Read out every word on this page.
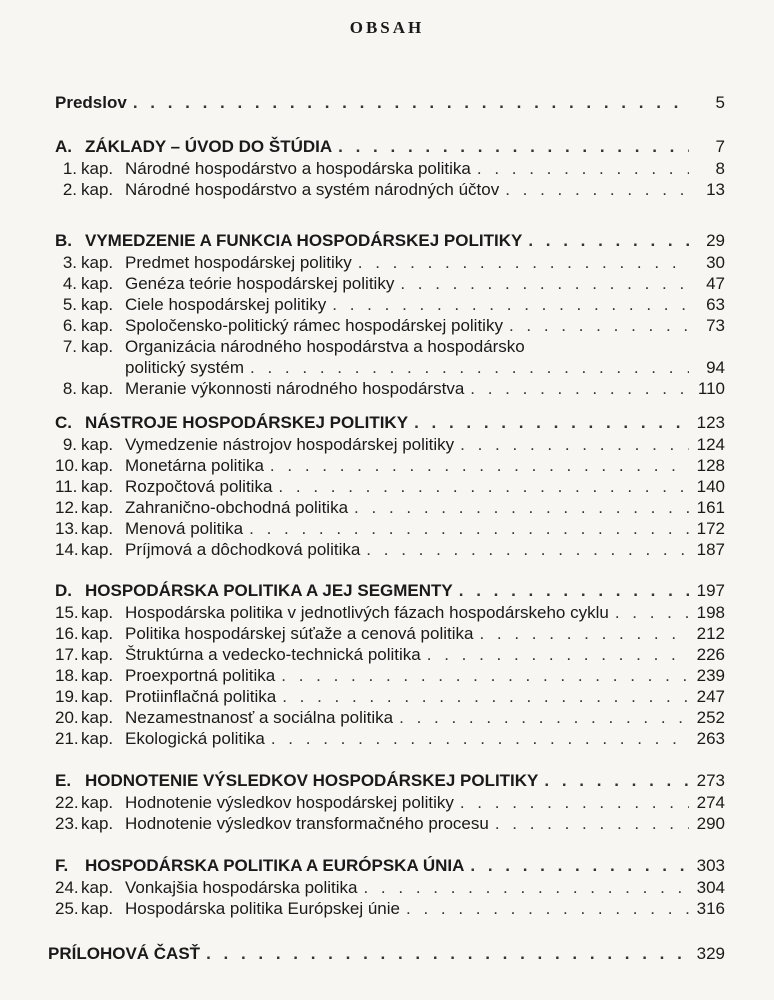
OBSAH
Predslov . . .	5
A. ZÁKLADY – ÚVOD DO ŠTÚDIA . . .	7
1. kap. Národné hospodárstvo a hospodárska politika . . .	8
2. kap. Národné hospodárstvo a systém národných účtov . . .	13
B. VYMEDZENIE A FUNKCIA HOSPODÁRSKEJ POLITIKY . . .	29
3. kap. Predmet hospodárskej politiky . . .	30
4. kap. Genéza teórie hospodárskej politiky . . .	47
5. kap. Ciele hospodárskej politiky . . .	63
6. kap. Spoločensko-politický rámec hospodárskej politiky . . .	73
7. kap. Organizácia národného hospodárstva a hospodársko
politický systém . . .	94
8. kap. Meranie výkonnosti národného hospodárstva . . .	110
C. NÁSTROJE HOSPODÁRSKEJ POLITIKY . . .	123
9. kap. Vymedzenie nástrojov hospodárskej politiky . . .	124
10. kap. Monetárna politika . . .	128
11. kap. Rozpočtová politika . . .	140
12. kap. Zahranično-obchodná politika . . .	161
13. kap. Menová politika . . .	172
14. kap. Príjmová a dôchodková politika . . .	187
D. HOSPODÁRSKA POLITIKA A JEJ SEGMENTY . . .	197
15. kap. Hospodárska politika v jednotlivých fázach hospodárskeho cyklu . . .	198
16. kap. Politika hospodárskej súťaže a cenová politika . . .	212
17. kap. Štruktúrna a vedecko-technická politika . . .	226
18. kap. Proexportná politika . . .	239
19. kap. Protiinflačná politika . . .	247
20. kap. Nezamestnanosť a sociálna politika . . .	252
21. kap. Ekologická politika . . .	263
E. HODNOTENIE VÝSLEDKOV HOSPODÁRSKEJ POLITIKY . . .	273
22. kap. Hodnotenie výsledkov hospodárskej politiky . . .	274
23. kap. Hodnotenie výsledkov transformačného procesu . . .	290
F. HOSPODÁRSKA POLITIKA A EURÓPSKA ÚNIA . . .	303
24. kap. Vonkajšia hospodárska politika . . .	304
25. kap. Hospodárska politika Európskej únie . . .	316
PRÍLOHOVÁ ČASŤ . . .	329
